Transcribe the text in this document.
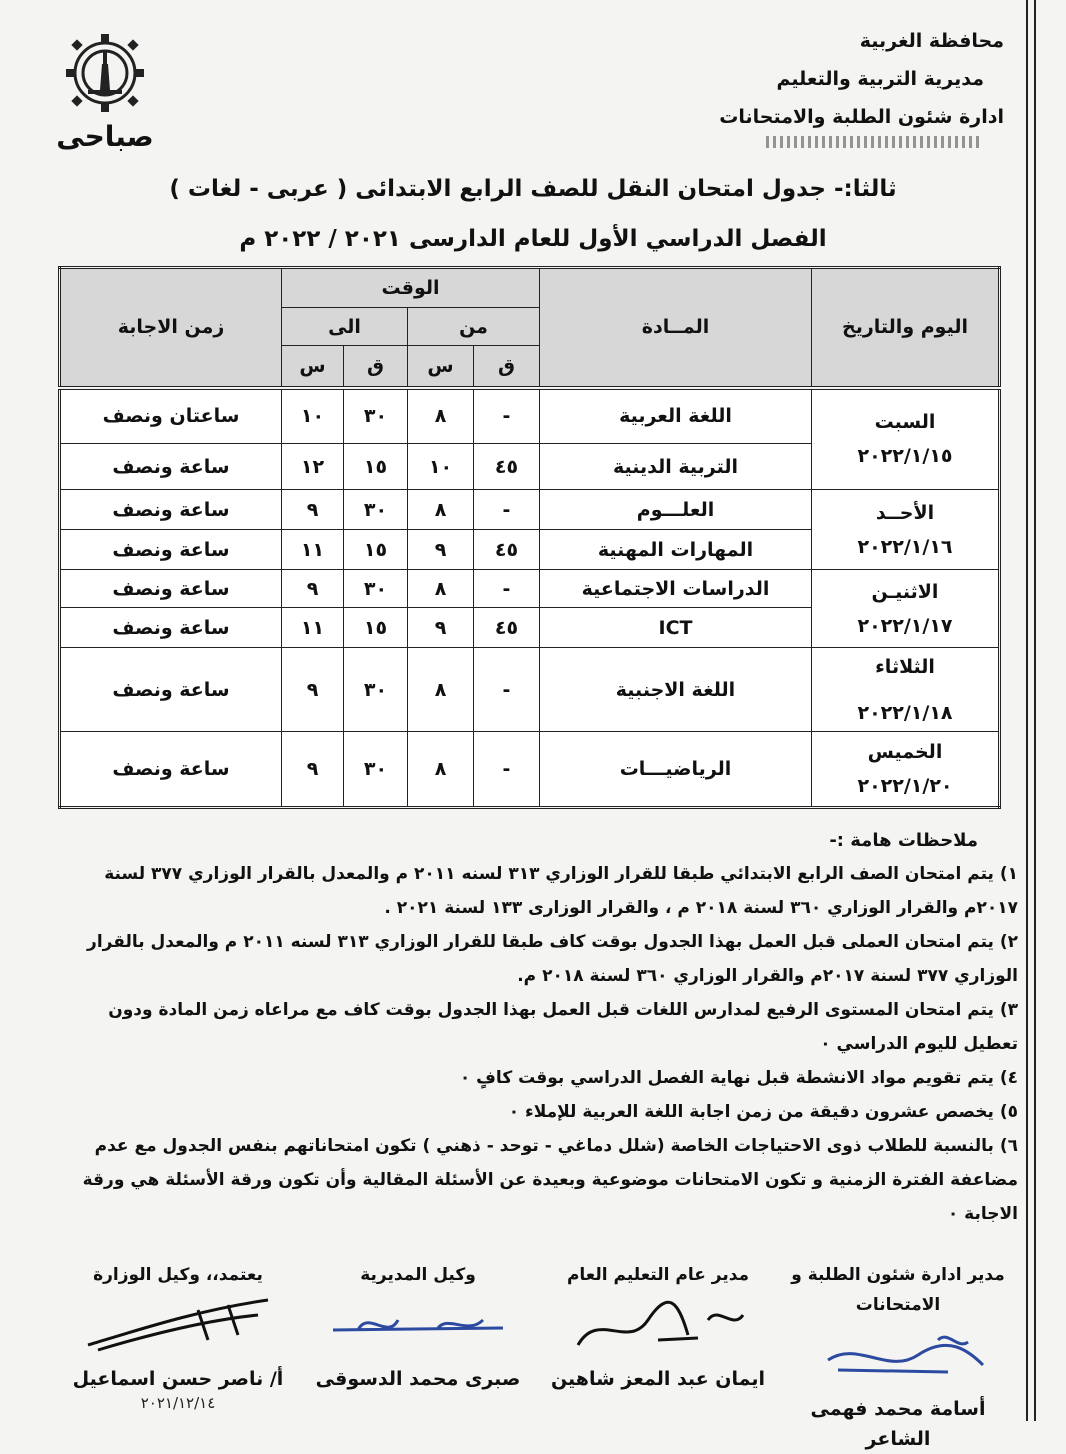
محافظة الغربية
مديرية التربية والتعليم
ادارة شئون الطلبة والامتحانات
صباحى
ثالثا:- جدول امتحان النقل للصف الرابع الابتدائى ( عربى - لغات )
الفصل الدراسي الأول للعام الدارسى ٢٠٢١ / ٢٠٢٢ م
اليوم والتاريخ	المــادة	الوقت				زمن الاجابة
		من		الى		
		ق	س	ق	س	

السبت
٢٠٢٢/١/١٥	اللغة العربية	-	٨	٣٠	١٠	ساعتان ونصف
	التربية الدينية	٤٥	١٠	١٥	١٢	ساعة ونصف

الأحــد
٢٠٢٢/١/١٦	العلـــوم	-	٨	٣٠	٩	ساعة ونصف
	المهارات المهنية	٤٥	٩	١٥	١١	ساعة ونصف

الاثنيـن
٢٠٢٢/١/١٧	الدراسات الاجتماعية	-	٨	٣٠	٩	ساعة ونصف
	ICT	٤٥	٩	١٥	١١	ساعة ونصف

الثلاثاء
٢٠٢٢/١/١٨	اللغة الاجنبية	-	٨	٣٠	٩	ساعة ونصف

الخميس
٢٠٢٢/١/٢٠	الرياضيـــات	-	٨	٣٠	٩	ساعة ونصف
ملاحظات هامة :-
١) يتم امتحان الصف الرابع الابتدائي طبقا للقرار الوزاري ٣١٣ لسنه ٢٠١١ م والمعدل بالقرار الوزاري ٣٧٧ لسنة ٢٠١٧م والقرار الوزاري ٣٦٠ لسنة ٢٠١٨ م ، والقرار الوزارى ١٣٣ لسنة ٢٠٢١ .
٢) يتم امتحان العملى قبل العمل بهذا الجدول بوقت كاف طبقا للقرار الوزاري ٣١٣ لسنه ٢٠١١ م والمعدل بالقرار الوزاري ٣٧٧ لسنة ٢٠١٧م والقرار الوزاري ٣٦٠ لسنة ٢٠١٨ م.
٣) يتم امتحان المستوى الرفيع لمدارس اللغات قبل العمل بهذا الجدول بوقت كاف مع مراعاه زمن المادة ودون تعطيل لليوم الدراسي ٠
٤) يتم تقويم مواد الانشطة قبل نهاية الفصل الدراسي بوقت كافٍ ٠
٥) يخصص عشرون دقيقة من زمن اجابة اللغة العربية للإملاء ٠
٦) بالنسبة للطلاب ذوى الاحتياجات الخاصة (شلل دماغي - توحد - ذهني ) تكون امتحاناتهم بنفس الجدول مع عدم مضاعفة الفترة الزمنية و تكون الامتحانات موضوعية وبعيدة عن الأسئلة المقالية وأن تكون ورقة الأسئلة هي ورقة الاجابة ٠
مدير ادارة شئون الطلبة و الامتحانات
أسامة محمد فهمى الشاعر
مدير عام التعليم العام
ايمان عبد المعز شاهين
وكيل المديرية
صبرى محمد الدسوقى
يعتمد،، وكيل الوزارة
أ/ ناصر حسن اسماعيل
٢٠٢١/١٢/١٤
